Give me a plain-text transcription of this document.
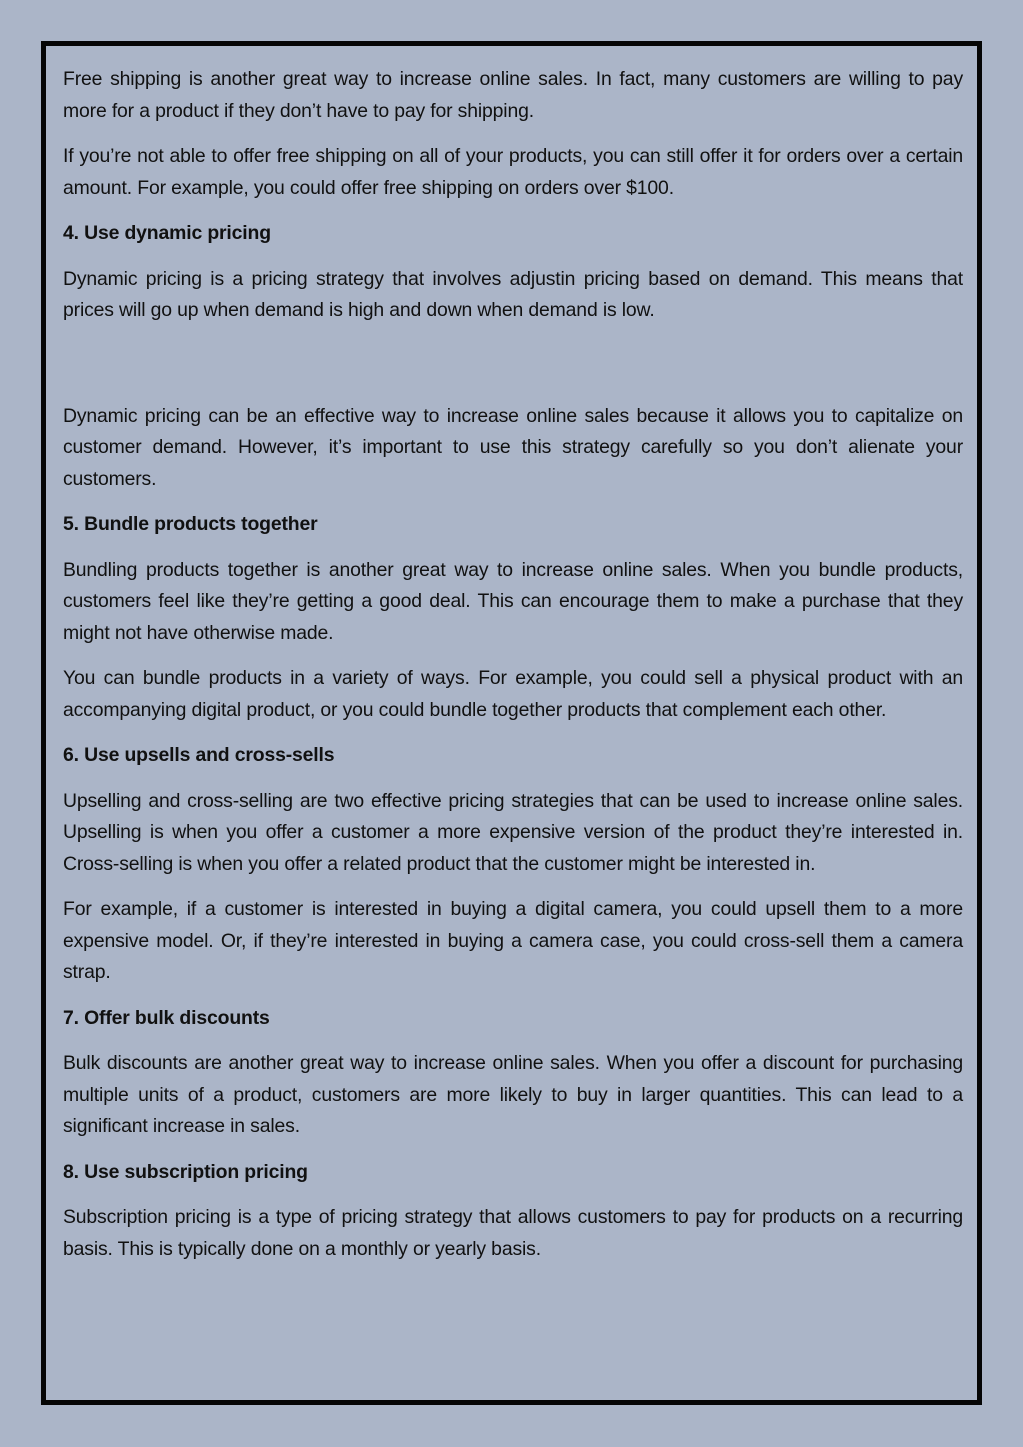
Free shipping is another great way to increase online sales. In fact, many customers are willing to pay more for a product if they don’t have to pay for shipping.

If you’re not able to offer free shipping on all of your products, you can still offer it for orders over a certain amount. For example, you could offer free shipping on orders over $100.

4. Use dynamic pricing

Dynamic pricing is a pricing strategy that involves adjustin pricing based on demand. This means that prices will go up when demand is high and down when demand is low.

Dynamic pricing can be an effective way to increase online sales because it allows you to capitalize on customer demand. However, it’s important to use this strategy carefully so you don’t alienate your customers.

5. Bundle products together

Bundling products together is another great way to increase online sales. When you bundle products, customers feel like they’re getting a good deal. This can encourage them to make a purchase that they might not have otherwise made.

You can bundle products in a variety of ways. For example, you could sell a physical product with an accompanying digital product, or you could bundle together products that complement each other.

6. Use upsells and cross-sells

Upselling and cross-selling are two effective pricing strategies that can be used to increase online sales. Upselling is when you offer a customer a more expensive version of the product they’re interested in. Cross-selling is when you offer a related product that the customer might be interested in.

For example, if a customer is interested in buying a digital camera, you could upsell them to a more expensive model. Or, if they’re interested in buying a camera case, you could cross-sell them a camera strap.

7. Offer bulk discounts

Bulk discounts are another great way to increase online sales. When you offer a discount for purchasing multiple units of a product, customers are more likely to buy in larger quantities. This can lead to a significant increase in sales.

8. Use subscription pricing

Subscription pricing is a type of pricing strategy that allows customers to pay for products on a recurring basis. This is typically done on a monthly or yearly basis.
